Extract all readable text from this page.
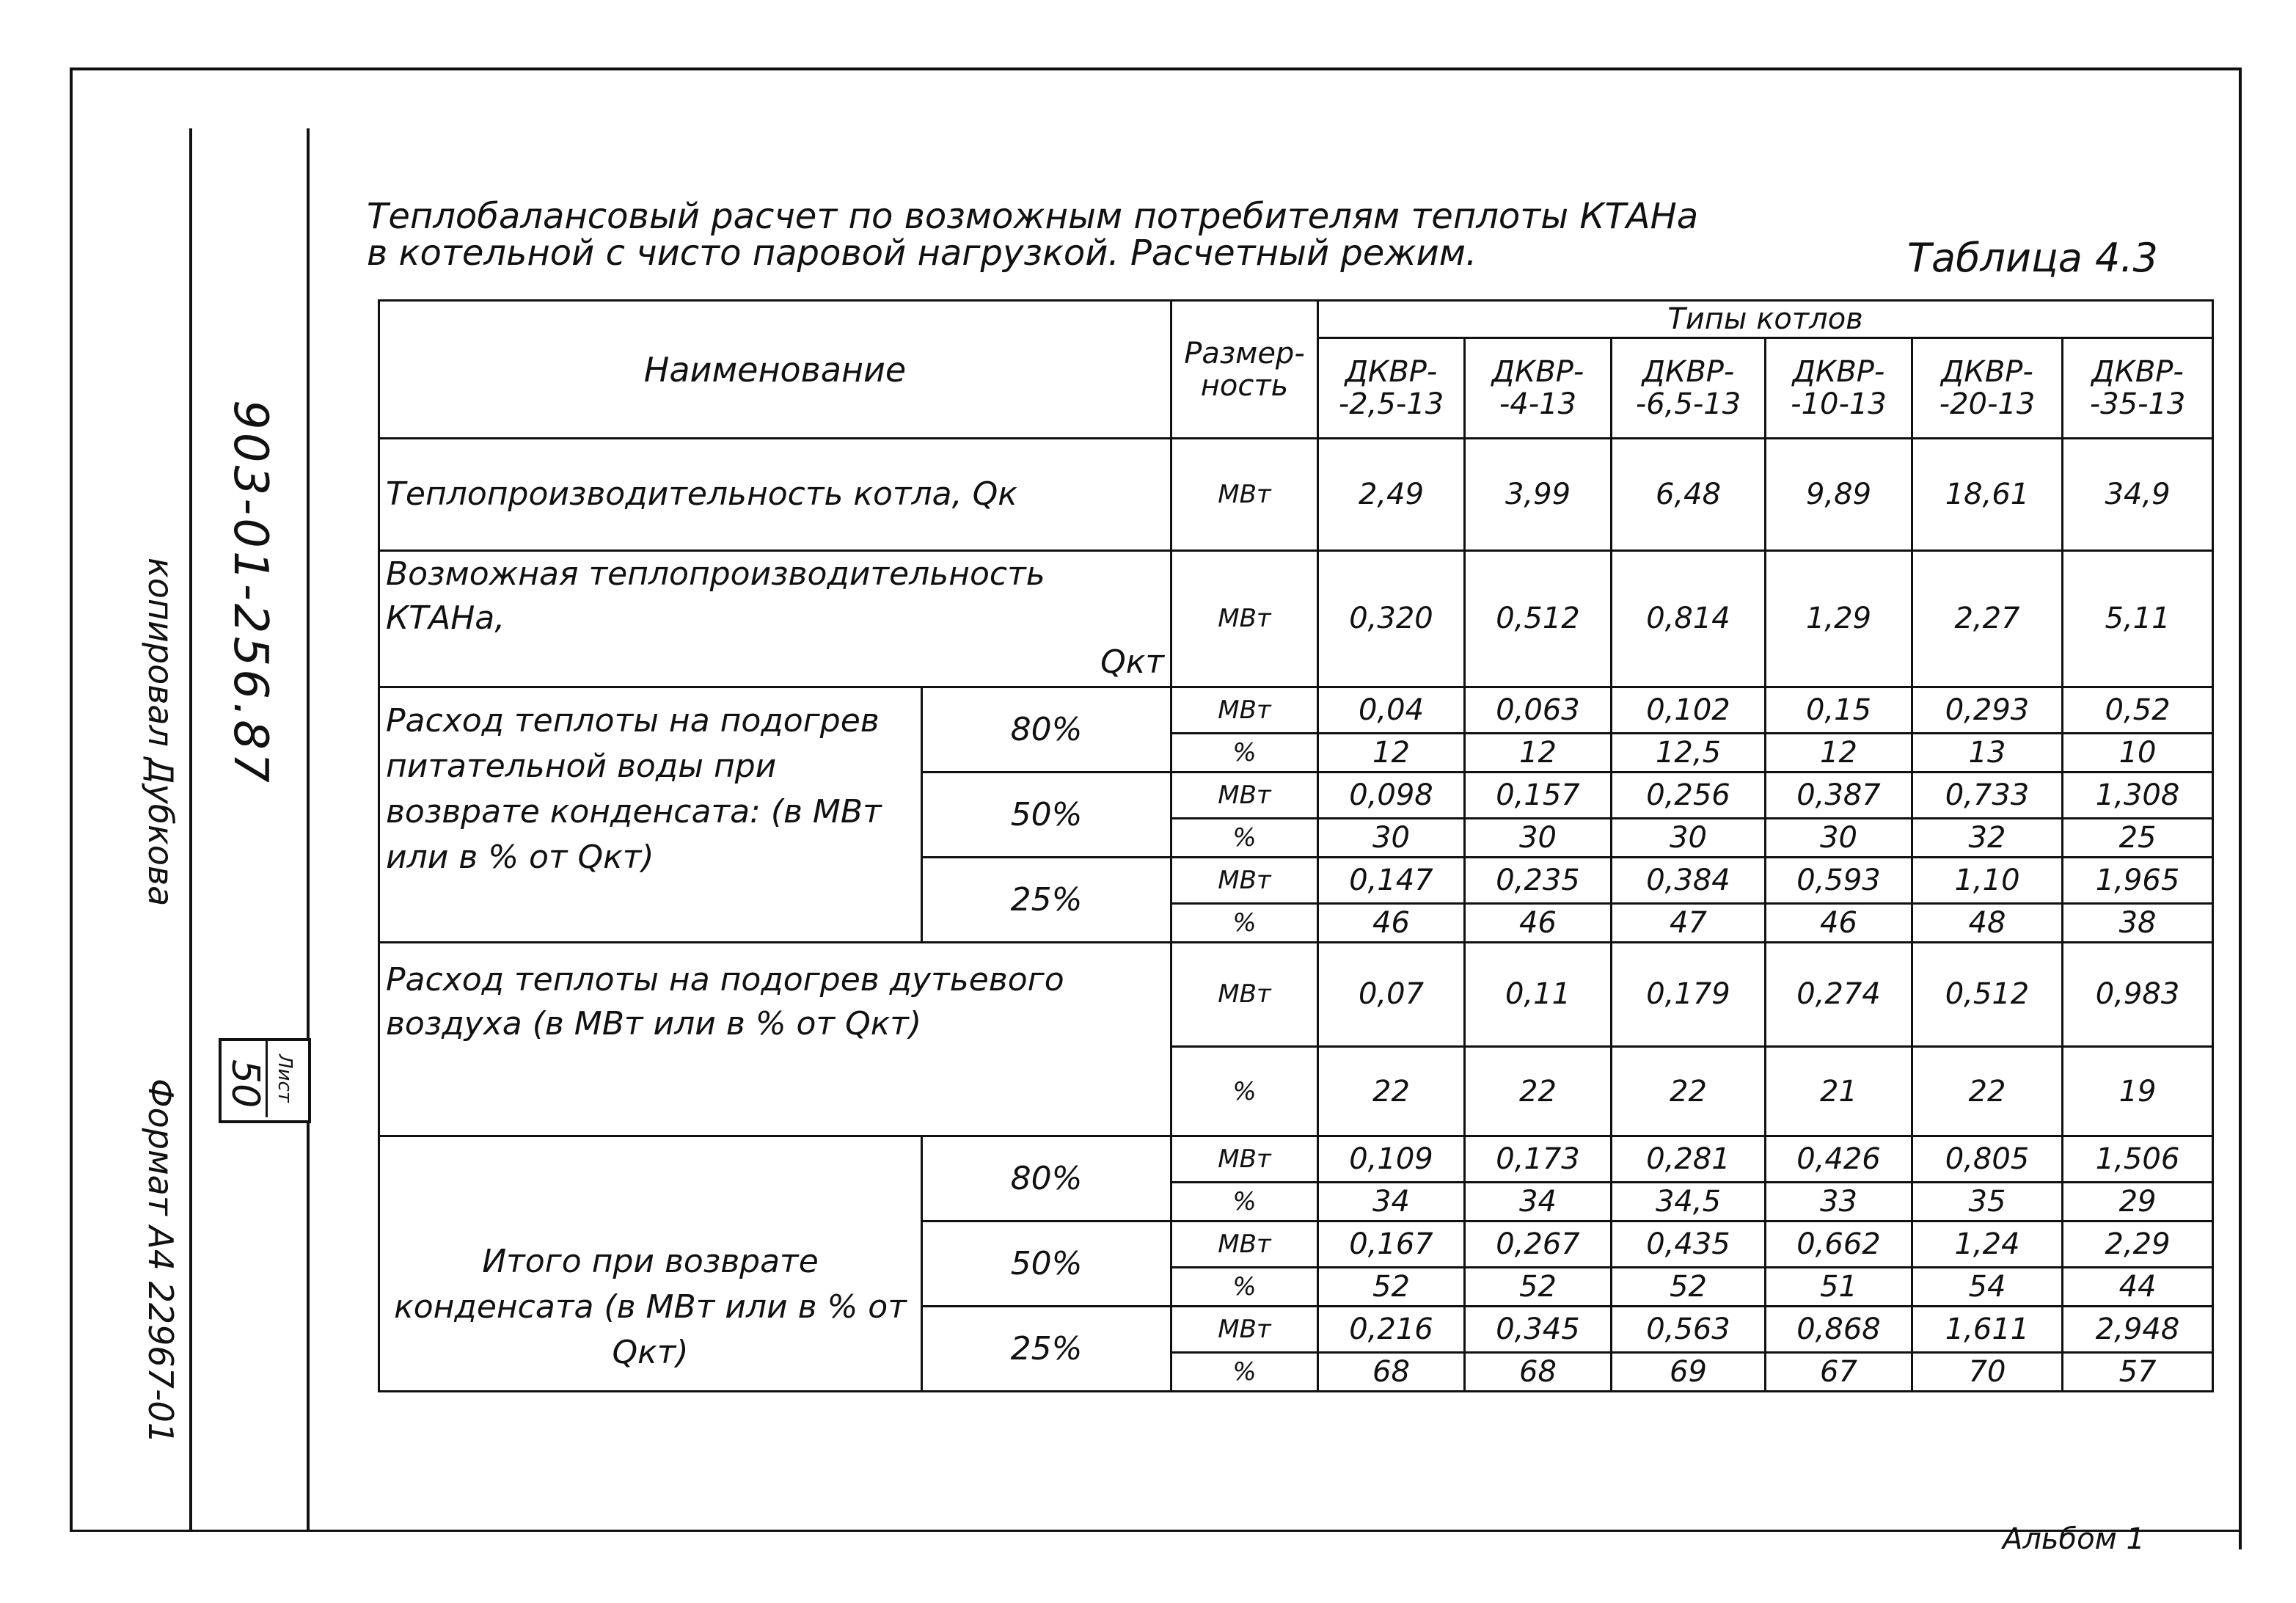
903-01-256.87
копировал Дубкова
Формат А4 22967-01 50 Лист
Теплобалансовый расчет по возможным потребителям теплоты КТАНа
в котельной с чисто паровой нагрузкой. Расчетный режим.	Таблица 4.3
Наименование		Размер-ность	Типы котлов					
			ДКВР- -2,5-13	ДКВР- -4-13	ДКВР- -6,5-13	ДКВР- -10-13	ДКВР- -20-13	ДКВР- -35-13
Теплопроизводительность котла, Qк		МВт	2,49	3,99	6,48	9,89	18,61	34,9

Возможная теплопроизводительность КТАНа,
Qкт		МВт	0,320	0,512	0,814	1,29	2,27	5,11
Расход теплоты на подогрев питательной воды при возврате конденсата: (в МВт или в % от Qкт)	80%	МВт	0,04	0,063	0,102	0,15	0,293	0,52
		%	12	12	12,5	12	13	10
	50%	МВт	0,098	0,157	0,256	0,387	0,733	1,308
		%	30	30	30	30	32	25
	25%	МВт	0,147	0,235	0,384	0,593	1,10	1,965
		%	46	46	47	46	48	38
Расход теплоты на подогрев дутьевого воздуха (в МВт или в % от Qкт)		МВт	0,07	0,11	0,179	0,274	0,512	0,983
		%	22	22	22	21	22	19
Итого при возврате конденсата (в МВт или в % от Qкт)	80%	МВт	0,109	0,173	0,281	0,426	0,805	1,506
		%	34	34	34,5	33	35	29
	50%	МВт	0,167	0,267	0,435	0,662	1,24	2,29
		%	52	52	52	51	54	44
	25%	МВт	0,216	0,345	0,563	0,868	1,611	2,948
		%	68	68	69	67	70	57
Альбом 1
